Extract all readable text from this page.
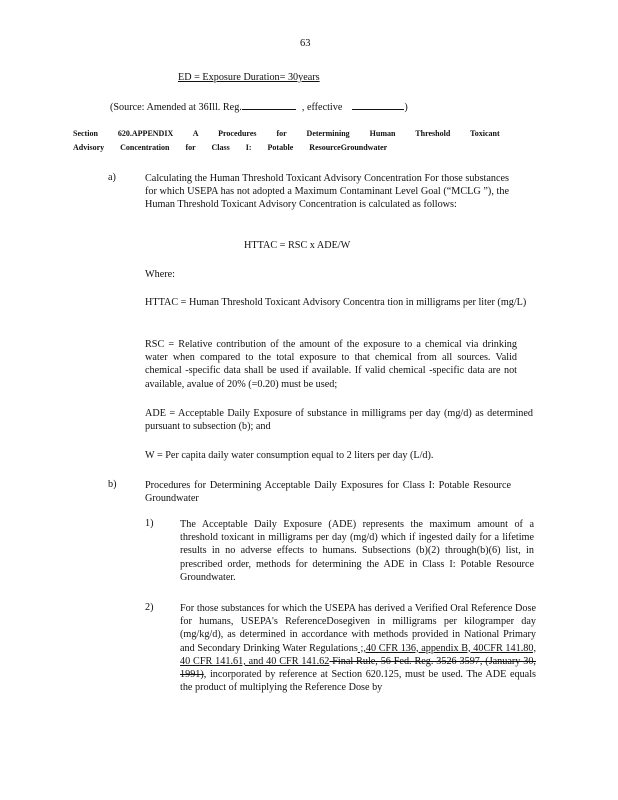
63
ED = Exposure Duration= 30years
(Source: Amended at 36Ill. Reg.	, effective	)
Section 620.APPENDIX A Procedures for Determining Human Threshold Toxicant
Advisory Concentration for Class I: Potable ResourceGroundwater
a)	Calculating the Human Threshold Toxicant Advisory Concentration For those substances for which USEPA has not adopted a Maximum Contaminant Level Goal (“MCLG ”), the Human Threshold Toxicant Advisory Concentration is calculated as follows:
HTTAC = RSC x ADE/W
Where:
HTTAC = Human Threshold Toxicant Advisory Concentra tion in milligrams per liter (mg/L)
RSC = Relative contribution of the amount of the exposure to a chemical via drinking water when compared to the total exposure to that chemical from all sources. Valid chemical -specific data shall be used if available. If valid chemical -specific data are not available, avalue of 20% (=0.20) must be used;
ADE = Acceptable Daily Exposure of substance in milligrams per day (mg/d) as determined pursuant to subsection (b); and
W = Per capita daily water consumption equal to 2 liters per day (L/d).
b)	Procedures for Determining Acceptable Daily Exposures for Class I: Potable Resource Groundwater
1)	The Acceptable Daily Exposure (ADE) represents the maximum amount of a threshold toxicant in milligrams per day (mg/d) which if ingested daily for a lifetime results in no adverse effects to humans. Subsections (b)(2) through(b)(6) list, in prescribed order, methods for determining the ADE in Class I: Potable Resource Groundwater.
2)	For those substances for which the USEPA has derived a Verified Oral Reference Dose for humans, USEPA's ReferenceDosegiven in milligrams per kilogramper day (mg/kg/d), as determined in accordance with methods provided in National Primary and Secondary Drinking Water Regulations ;,40 CFR 136, appendix B, 40CFR 141.80, 40 CFR 141.61, and 40 CFR 141.62 Final Rule, 56 Fed. Reg. 3526 3597, (January 30, 1991), incorporated by reference at Section 620.125, must be used. The ADE equals the product of multiplying the Reference Dose by
